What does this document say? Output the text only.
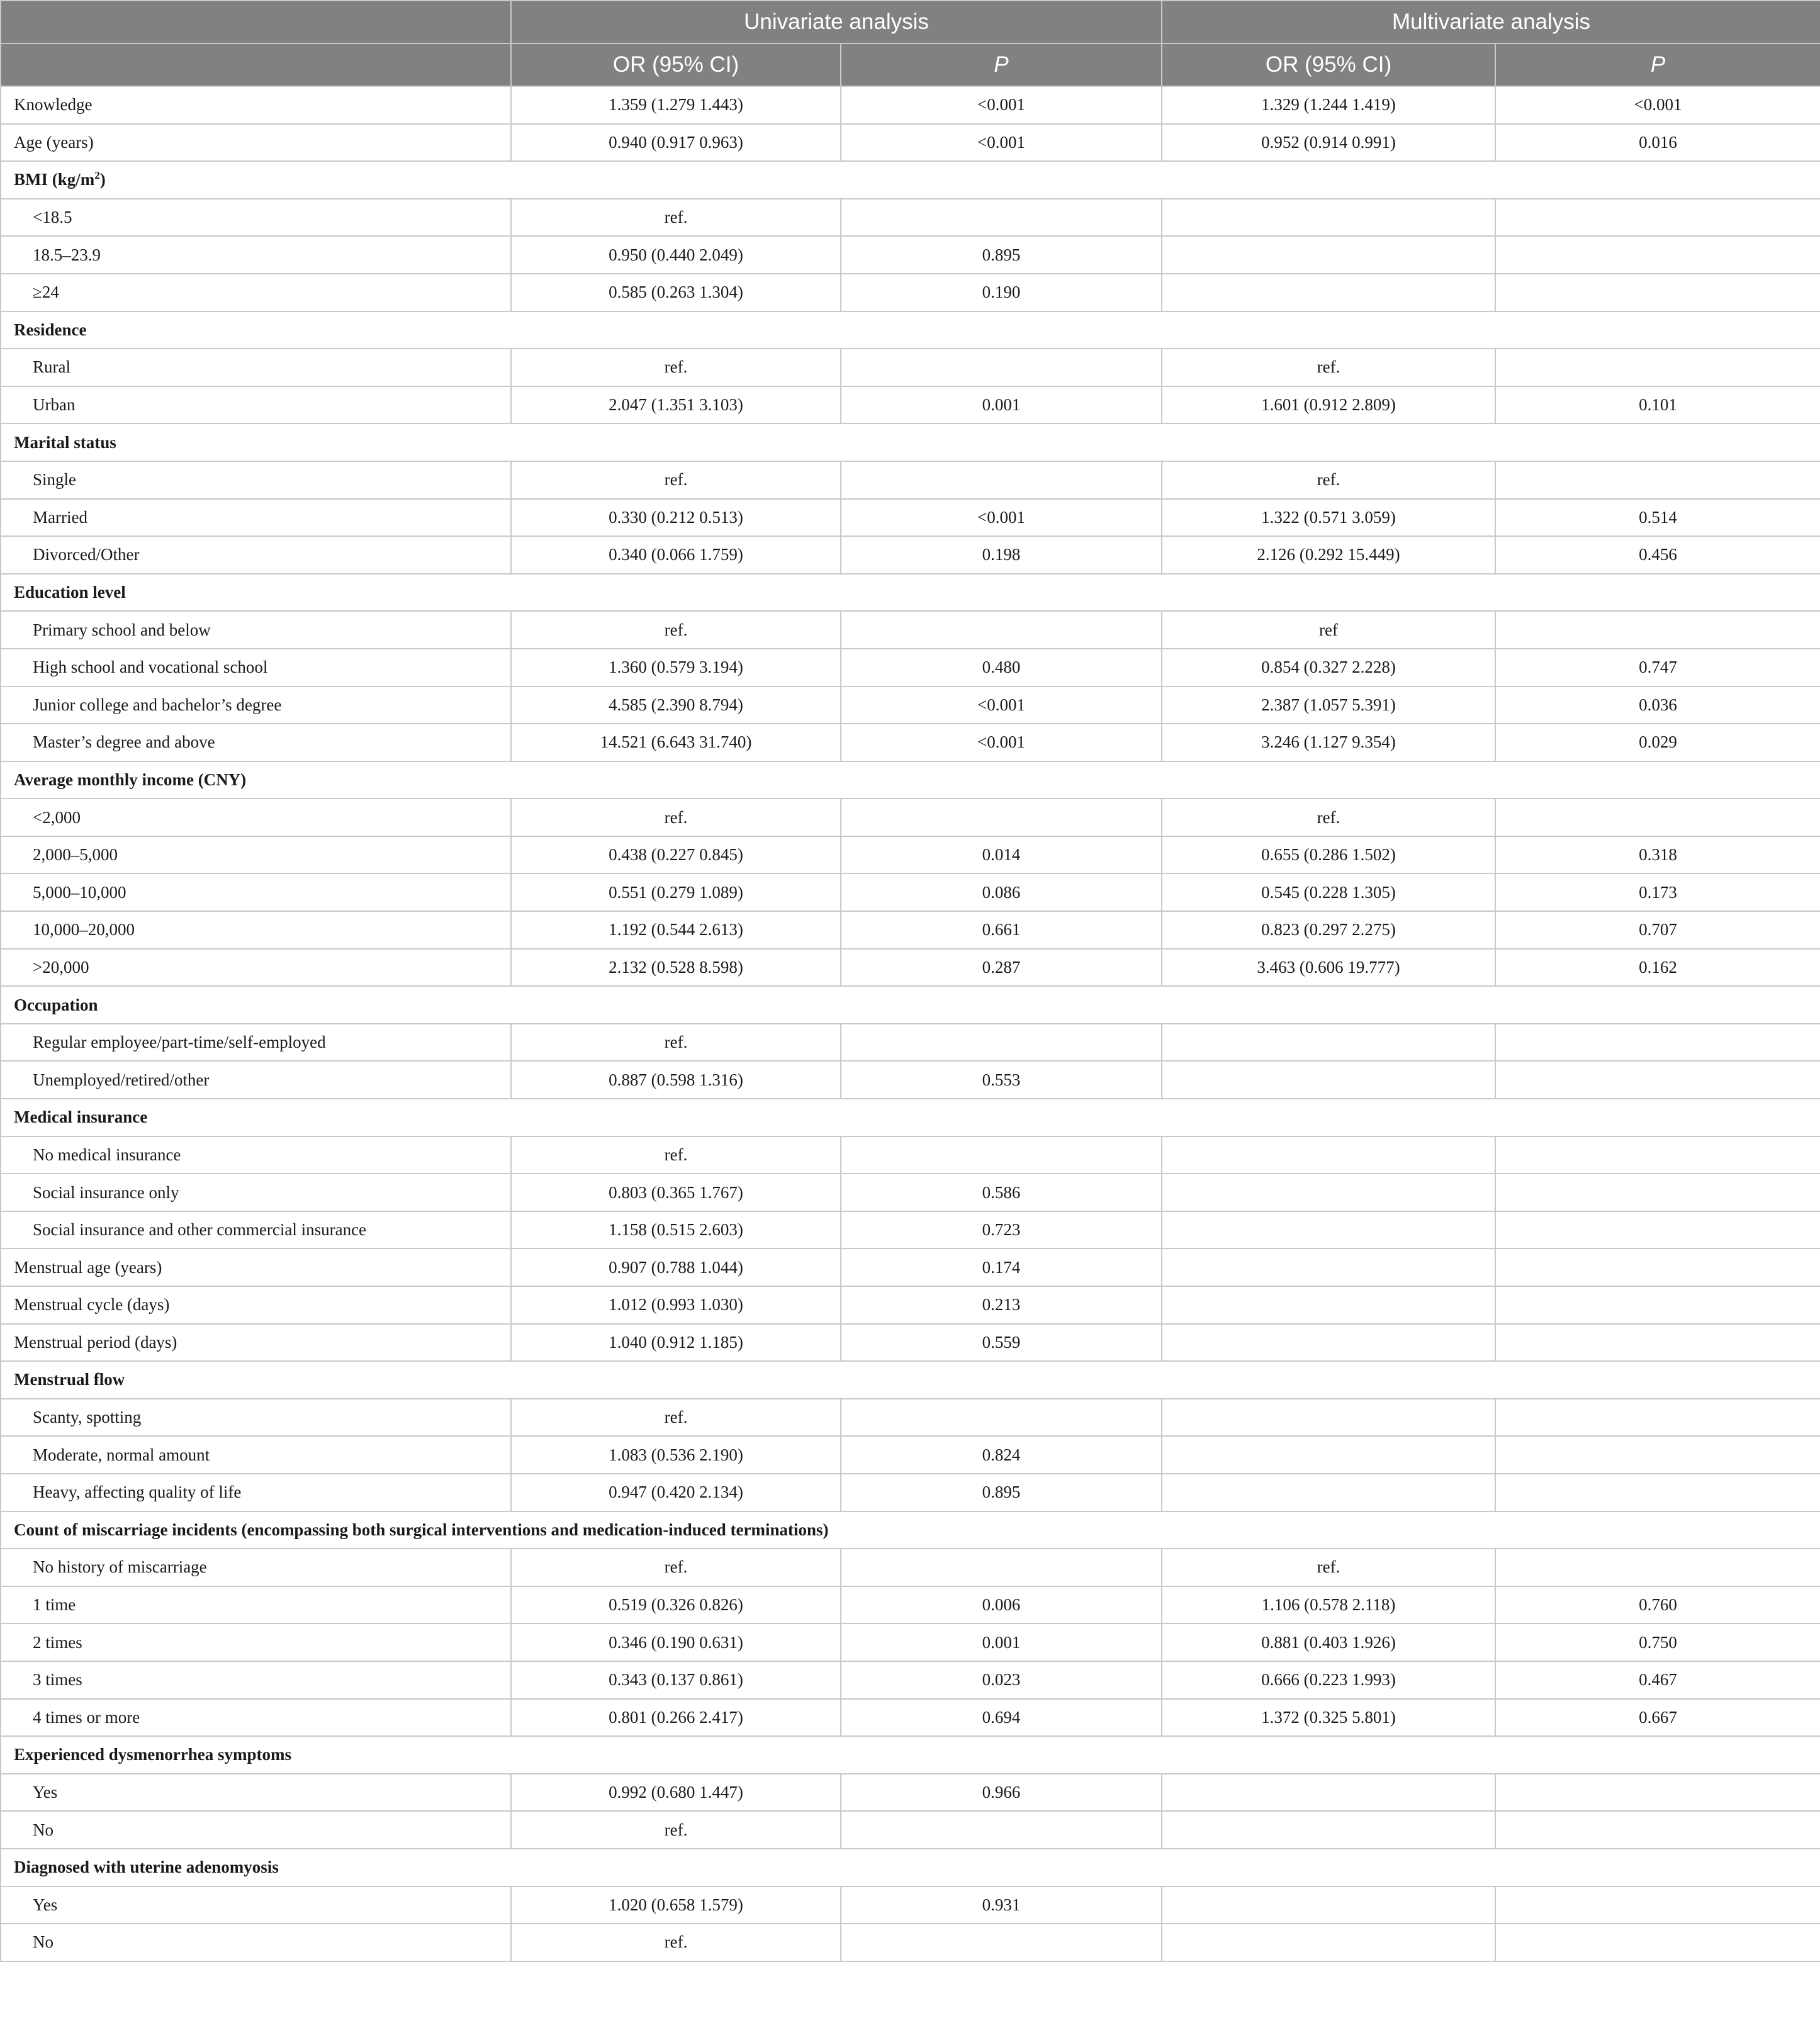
	Univariate analysis		Multivariate analysis	
	OR (95% CI)	P	OR (95% CI)	P
Knowledge	1.359 (1.279 1.443)	<0.001	1.329 (1.244 1.419)	<0.001
Age (years)	0.940 (0.917 0.963)	<0.001	0.952 (0.914 0.991)	0.016
BMI $(kg/m^2)$				
<18.5	ref.			
18.5–23.9	0.950 (0.440 2.049)	0.895		
≥24	0.585 (0.263 1.304)	0.190		
Residence				
Rural	ref.		ref.	
Urban	2.047 (1.351 3.103)	0.001	1.601 (0.912 2.809)	0.101
Marital status				
Single	ref.		ref.	
Married	0.330 (0.212 0.513)	<0.001	1.322 (0.571 3.059)	0.514
Divorced/Other	0.340 (0.066 1.759)	0.198	2.126 (0.292 15.449)	0.456
Education level				
Primary school and below	ref.		ref	
High school and vocational school	1.360 (0.579 3.194)	0.480	0.854 (0.327 2.228)	0.747
Junior college and bachelor’s degree	4.585 (2.390 8.794)	<0.001	2.387 (1.057 5.391)	0.036
Master’s degree and above	14.521 (6.643 31.740)	<0.001	3.246 (1.127 9.354)	0.029
Average monthly income (CNY)				
<2,000	ref.		ref.	
2,000–5,000	0.438 (0.227 0.845)	0.014	0.655 (0.286 1.502)	0.318
5,000–10,000	0.551 (0.279 1.089)	0.086	0.545 (0.228 1.305)	0.173
10,000–20,000	1.192 (0.544 2.613)	0.661	0.823 (0.297 2.275)	0.707
>20,000	2.132 (0.528 8.598)	0.287	3.463 (0.606 19.777)	0.162
Occupation				
Regular employee/part-time/self-employed	ref.			
Unemployed/retired/other	0.887 (0.598 1.316)	0.553		
Medical insurance				
No medical insurance	ref.			
Social insurance only	0.803 (0.365 1.767)	0.586		
Social insurance and other commercial insurance	1.158 (0.515 2.603)	0.723		
Menstrual age (years)	0.907 (0.788 1.044)	0.174		
Menstrual cycle (days)	1.012 (0.993 1.030)	0.213		
Menstrual period (days)	1.040 (0.912 1.185)	0.559		
Menstrual flow				
Scanty, spotting	ref.			
Moderate, normal amount	1.083 (0.536 2.190)	0.824		
Heavy, affecting quality of life	0.947 (0.420 2.134)	0.895		
Count of miscarriage incidents (encompassing both surgical interventions and medication-induced terminations)				
No history of miscarriage	ref.		ref.	
1 time	0.519 (0.326 0.826)	0.006	1.106 (0.578 2.118)	0.760
2 times	0.346 (0.190 0.631)	0.001	0.881 (0.403 1.926)	0.750
3 times	0.343 (0.137 0.861)	0.023	0.666 (0.223 1.993)	0.467
4 times or more	0.801 (0.266 2.417)	0.694	1.372 (0.325 5.801)	0.667
Experienced dysmenorrhea symptoms				
Yes	0.992 (0.680 1.447)	0.966		
No	ref.			
Diagnosed with uterine adenomyosis				
Yes	1.020 (0.658 1.579)	0.931		
No	ref.			
